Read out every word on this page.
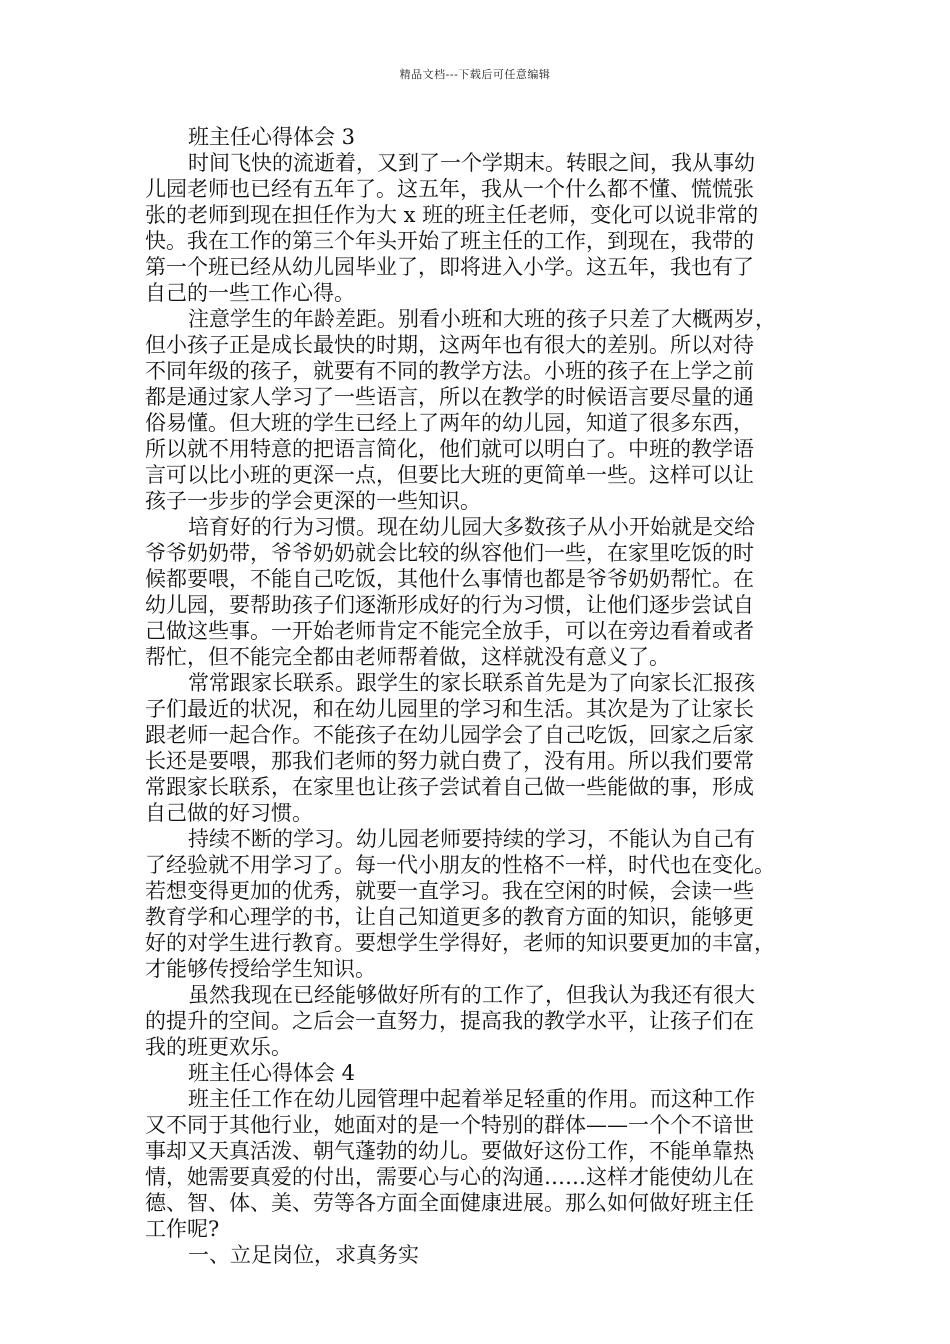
精品文档---下载后可任意编辑
班主任心得体会 3
时间飞快的流逝着，又到了一个学期末。转眼之间，我从事幼
儿园老师也已经有五年了。这五年，我从一个什么都不懂、慌慌张
张的老师到现在担任作为大 x 班的班主任老师，变化可以说非常的
快。我在工作的第三个年头开始了班主任的工作，到现在，我带的
第一个班已经从幼儿园毕业了，即将进入小学。这五年，我也有了
自己的一些工作心得。
注意学生的年龄差距。别看小班和大班的孩子只差了大概两岁，
但小孩子正是成长最快的时期，这两年也有很大的差别。所以对待
不同年级的孩子，就要有不同的教学方法。小班的孩子在上学之前
都是通过家人学习了一些语言，所以在教学的时候语言要尽量的通
俗易懂。但大班的学生已经上了两年的幼儿园，知道了很多东西，
所以就不用特意的把语言简化，他们就可以明白了。中班的教学语
言可以比小班的更深一点，但要比大班的更简单一些。这样可以让
孩子一步步的学会更深的一些知识。
培育好的行为习惯。现在幼儿园大多数孩子从小开始就是交给
爷爷奶奶带，爷爷奶奶就会比较的纵容他们一些，在家里吃饭的时
候都要喂，不能自己吃饭，其他什么事情也都是爷爷奶奶帮忙。在
幼儿园，要帮助孩子们逐渐形成好的行为习惯，让他们逐步尝试自
己做这些事。一开始老师肯定不能完全放手，可以在旁边看着或者
帮忙，但不能完全都由老师帮着做，这样就没有意义了。
常常跟家长联系。跟学生的家长联系首先是为了向家长汇报孩
子们最近的状况，和在幼儿园里的学习和生活。其次是为了让家长
跟老师一起合作。不能孩子在幼儿园学会了自己吃饭，回家之后家
长还是要喂，那我们老师的努力就白费了，没有用。所以我们要常
常跟家长联系，在家里也让孩子尝试着自己做一些能做的事，形成
自己做的好习惯。
持续不断的学习。幼儿园老师要持续的学习，不能认为自己有
了经验就不用学习了。每一代小朋友的性格不一样，时代也在变化。
若想变得更加的优秀，就要一直学习。我在空闲的时候，会读一些
教育学和心理学的书，让自己知道更多的教育方面的知识，能够更
好的对学生进行教育。要想学生学得好，老师的知识要更加的丰富，
才能够传授给学生知识。
虽然我现在已经能够做好所有的工作了，但我认为我还有很大
的提升的空间。之后会一直努力，提高我的教学水平，让孩子们在
我的班更欢乐。
班主任心得体会 4
班主任工作在幼儿园管理中起着举足轻重的作用。而这种工作
又不同于其他行业，她面对的是一个特别的群体——一个个不谙世
事却又天真活泼、朝气蓬勃的幼儿。要做好这份工作，不能单靠热
情，她需要真爱的付出，需要心与心的沟通……这样才能使幼儿在
德、智、体、美、劳等各方面全面健康进展。那么如何做好班主任
工作呢?
一、立足岗位，求真务实
